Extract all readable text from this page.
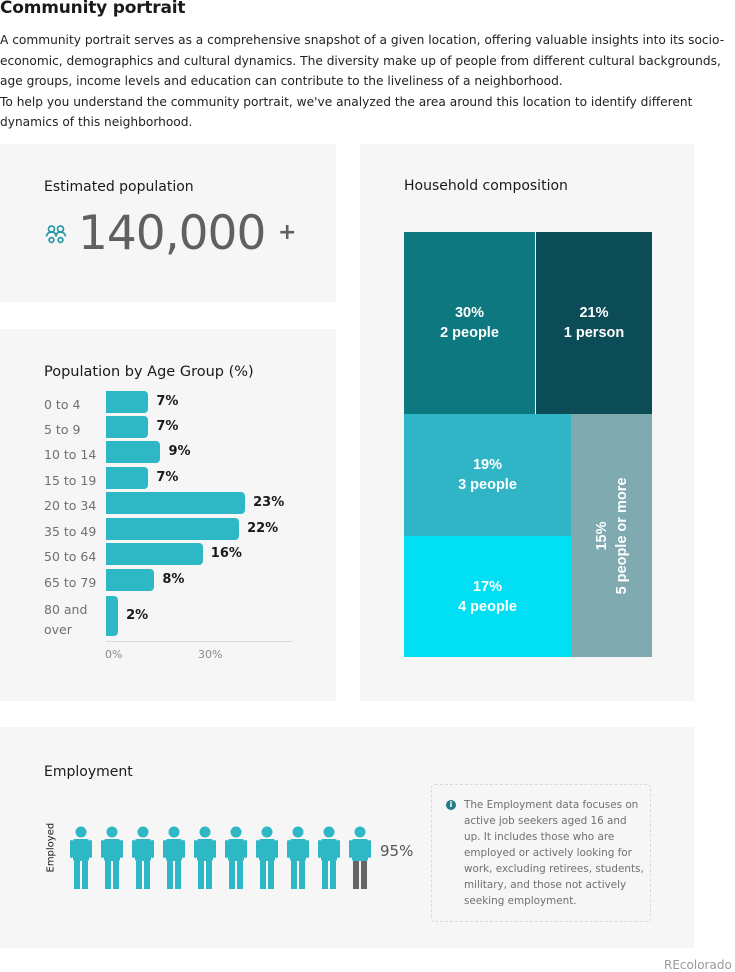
Community portrait

A community portrait serves as a comprehensive snapshot of a given location, offering valuable insights into its socio-economic, demographics and cultural dynamics. The diversity make up of people from different cultural backgrounds, age groups, income levels and education can contribute to the liveliness of a neighborhood.

To help you understand the community portrait, we've analyzed the area around this location to identify different dynamics of this neighborhood.

Estimated population
140,000 +
Population by Age Group (%)
0 to 4	7%
5 to 9	7%
10 to 14	9%
15 to 19	7%
20 to 34	23%
35 to 49	22%
50 to 64	16%
65 to 79	8%
80 and
over
2%
0%	30%
Household composition
30%
2 people
21%
1 person
19%
3 people
17%
4 people
15% 5 people or more
Employment
Employed	95%
i	The Employment data focuses on active job seekers aged 16 and up. It includes those who are employed or actively looking for work, excluding retirees, students, military, and those not actively seeking employment.
REcolorado
